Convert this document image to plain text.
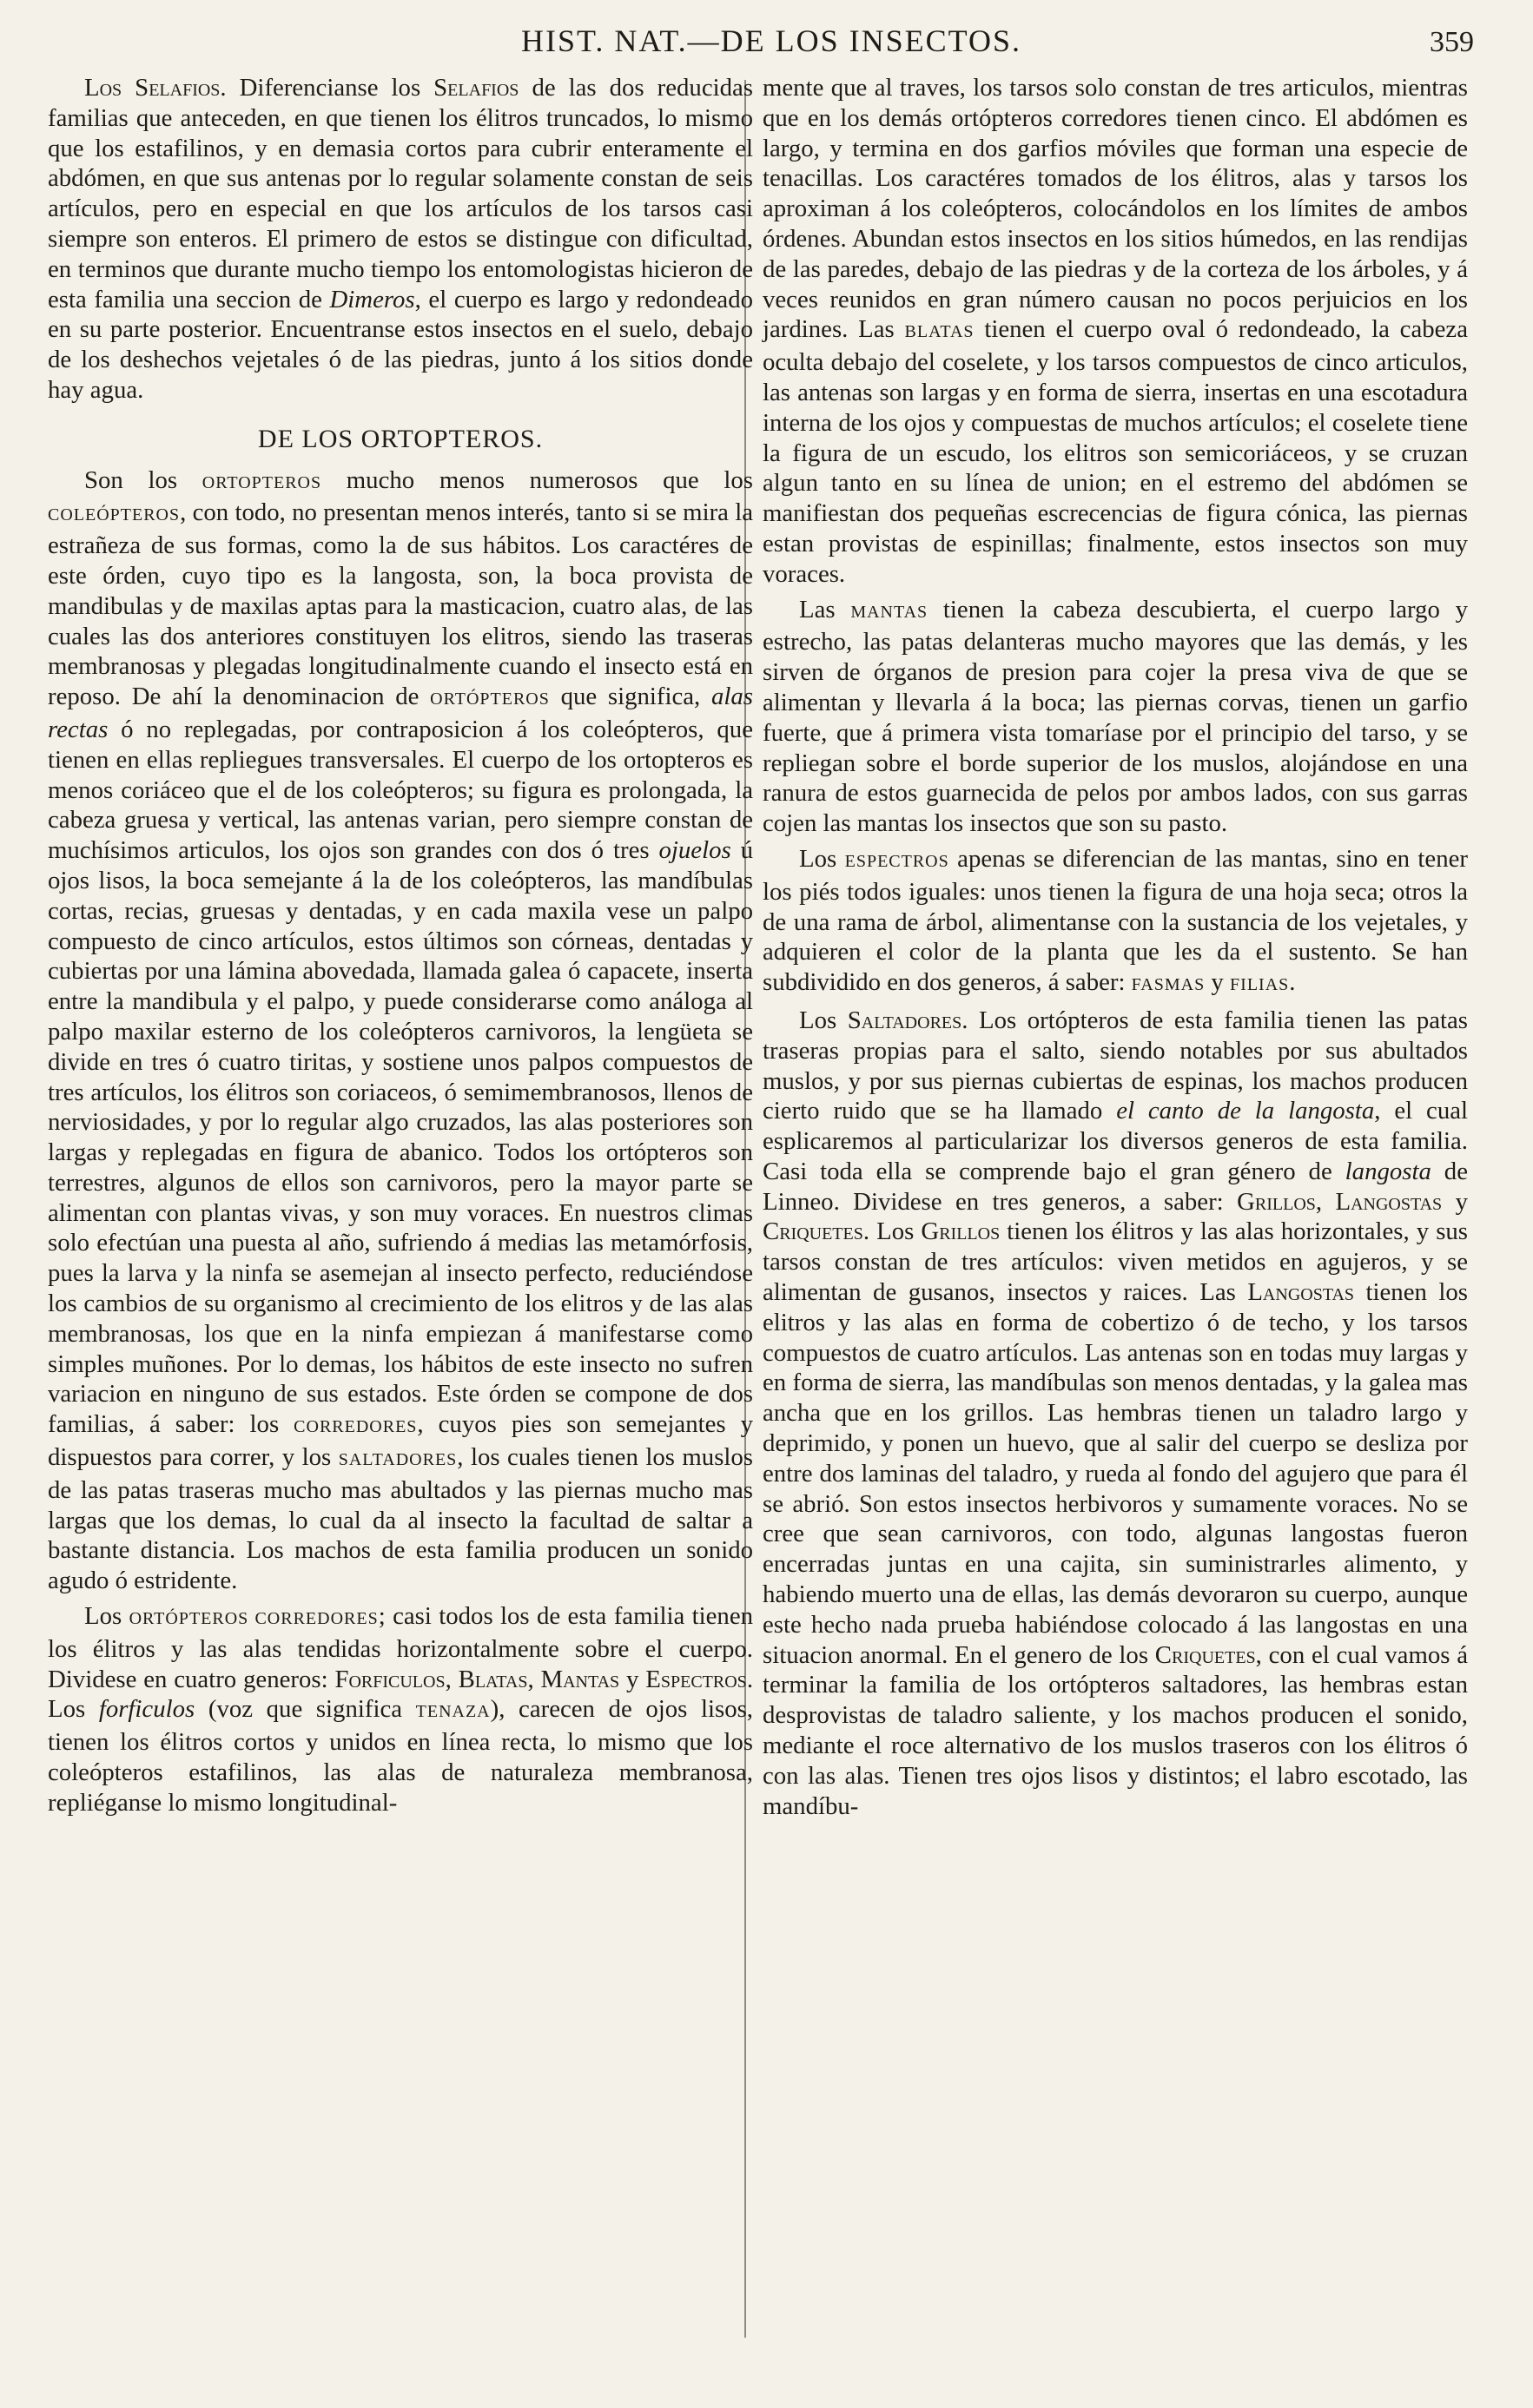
HIST. NAT.—DE LOS INSECTOS.	359

Los Selafios. Diferencianse los Selafios de las dos reducidas familias que anteceden, en que tienen los élitros truncados, lo mismo que los estafilinos, y en demasia cortos para cubrir enteramente el abdómen, en que sus antenas por lo regular solamente constan de seis artículos, pero en especial en que los artículos de los tarsos casi siempre son enteros. El primero de estos se distingue con dificultad, en terminos que durante mucho tiempo los entomologistas hicieron de esta familia una seccion de Dimeros, el cuerpo es largo y redondeado en su parte posterior. Encuentranse estos insectos en el suelo, debajo de los deshechos vejetales ó de las piedras, junto á los sitios donde hay agua.

DE LOS ORTOPTEROS.

Son los ORTOPTEROS mucho menos numerosos que los COLEÓPTEROS, con todo, no presentan menos interés, tanto si se mira la estrañeza de sus formas, como la de sus hábitos. Los caractéres de este órden, cuyo tipo es la langosta, son, la boca provista de mandibulas y de maxilas aptas para la masticacion, cuatro alas, de las cuales las dos anteriores constituyen los elitros, siendo las traseras membranosas y plegadas longitudinalmente cuando el insecto está en reposo. De ahí la denominacion de ORTÓPTEROS que significa, alas rectas ó no replegadas, por contraposicion á los coleópteros, que tienen en ellas repliegues transversales. El cuerpo de los ortopteros es menos coriáceo que el de los coleópteros; su figura es prolongada, la cabeza gruesa y vertical, las antenas varian, pero siempre constan de muchísimos articulos, los ojos son grandes con dos ó tres ojuelos ú ojos lisos, la boca semejante á la de los coleópteros, las mandíbulas cortas, recias, gruesas y dentadas, y en cada maxila vese un palpo compuesto de cinco artículos, estos últimos son córneas, dentadas y cubiertas por una lámina abovedada, llamada galea ó capacete, inserta entre la mandibula y el palpo, y puede considerarse como análoga al palpo maxilar esterno de los coleópteros carnivoros, la lengüeta se divide en tres ó cuatro tiritas, y sostiene unos palpos compuestos de tres artículos, los élitros son coriaceos, ó semimembranosos, llenos de nerviosidades, y por lo regular algo cruzados, las alas posteriores son largas y replegadas en figura de abanico. Todos los ortópteros son terrestres, algunos de ellos son carnivoros, pero la mayor parte se alimentan con plantas vivas, y son muy voraces. En nuestros climas solo efectúan una puesta al año, sufriendo á medias las metamórfosis, pues la larva y la ninfa se asemejan al insecto perfecto, reduciéndose los cambios de su organismo al crecimiento de los elitros y de las alas membranosas, los que en la ninfa empiezan á manifestarse como simples muñones. Por lo demas, los hábitos de este insecto no sufren variacion en ninguno de sus estados. Este órden se compone de dos familias, á saber: los CORREDORES, cuyos pies son semejantes y dispuestos para correr, y los SALTADORES, los cuales tienen los muslos de las patas traseras mucho mas abultados y las piernas mucho mas largas que los demas, lo cual da al insecto la facultad de saltar a bastante distancia. Los machos de esta familia producen un sonido agudo ó estridente.

Los ORTÓPTEROS CORREDORES; casi todos los de esta familia tienen los élitros y las alas tendidas horizontalmente sobre el cuerpo. Dividese en cuatro generos: Forficulos, Blatas, Mantas y Espectros. Los forficulos (voz que significa TENAZA), carecen de ojos lisos, tienen los élitros cortos y unidos en línea recta, lo mismo que los coleópteros estafilinos, las alas de naturaleza membranosa, repliéganse lo mismo longitudinal-

mente que al traves, los tarsos solo constan de tres articulos, mientras que en los demás ortópteros corredores tienen cinco. El abdómen es largo, y termina en dos garfios móviles que forman una especie de tenacillas. Los caractéres tomados de los élitros, alas y tarsos los aproximan á los coleópteros, colocándolos en los límites de ambos órdenes. Abundan estos insectos en los sitios húmedos, en las rendijas de las paredes, debajo de las piedras y de la corteza de los árboles, y á veces reunidos en gran número causan no pocos perjuicios en los jardines. Las BLATAS tienen el cuerpo oval ó redondeado, la cabeza oculta debajo del coselete, y los tarsos compuestos de cinco articulos, las antenas son largas y en forma de sierra, insertas en una escotadura interna de los ojos y compuestas de muchos artículos; el coselete tiene la figura de un escudo, los elitros son semicoriáceos, y se cruzan algun tanto en su línea de union; en el estremo del abdómen se manifiestan dos pequeñas escrecencias de figura cónica, las piernas estan provistas de espinillas; finalmente, estos insectos son muy voraces.

Las MANTAS tienen la cabeza descubierta, el cuerpo largo y estrecho, las patas delanteras mucho mayores que las demás, y les sirven de órganos de presion para cojer la presa viva de que se alimentan y llevarla á la boca; las piernas corvas, tienen un garfio fuerte, que á primera vista tomaríase por el principio del tarso, y se repliegan sobre el borde superior de los muslos, alojándose en una ranura de estos guarnecida de pelos por ambos lados, con sus garras cojen las mantas los insectos que son su pasto.

Los ESPECTROS apenas se diferencian de las mantas, sino en tener los piés todos iguales: unos tienen la figura de una hoja seca; otros la de una rama de árbol, alimentanse con la sustancia de los vejetales, y adquieren el color de la planta que les da el sustento. Se han subdividido en dos generos, á saber: FASMAS y FILIAS.

Los Saltadores. Los ortópteros de esta familia tienen las patas traseras propias para el salto, siendo notables por sus abultados muslos, y por sus piernas cubiertas de espinas, los machos producen cierto ruido que se ha llamado el canto de la langosta, el cual esplicaremos al particularizar los diversos generos de esta familia. Casi toda ella se comprende bajo el gran género de langosta de Linneo. Dividese en tres generos, a saber: Grillos, Langostas y Criquetes. Los Grillos tienen los élitros y las alas horizontales, y sus tarsos constan de tres artículos: viven metidos en agujeros, y se alimentan de gusanos, insectos y raices. Las Langostas tienen los elitros y las alas en forma de cobertizo ó de techo, y los tarsos compuestos de cuatro artículos. Las antenas son en todas muy largas y en forma de sierra, las mandíbulas son menos dentadas, y la galea mas ancha que en los grillos. Las hembras tienen un taladro largo y deprimido, y ponen un huevo, que al salir del cuerpo se desliza por entre dos laminas del taladro, y rueda al fondo del agujero que para él se abrió. Son estos insectos herbivoros y sumamente voraces. No se cree que sean carnivoros, con todo, algunas langostas fueron encerradas juntas en una cajita, sin suministrarles alimento, y habiendo muerto una de ellas, las demás devoraron su cuerpo, aunque este hecho nada prueba habiéndose colocado á las langostas en una situacion anormal. En el genero de los Criquetes, con el cual vamos á terminar la familia de los ortópteros saltadores, las hembras estan desprovistas de taladro saliente, y los machos producen el sonido, mediante el roce alternativo de los muslos traseros con los élitros ó con las alas. Tienen tres ojos lisos y distintos; el labro escotado, las mandíbu-
